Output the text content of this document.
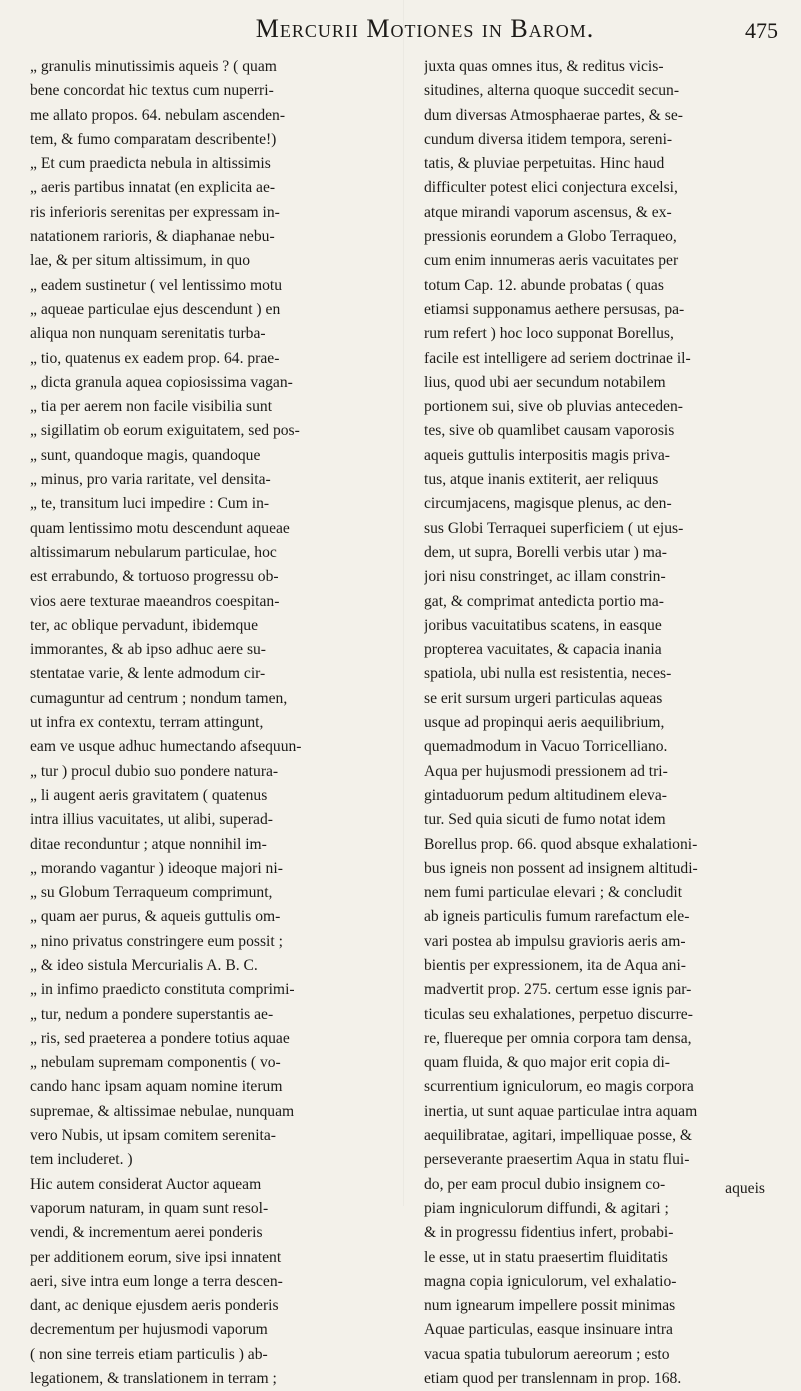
Mercurii Motiones in Barom.	475
„ granulis minutissimis aqueis ? ( quam
bene concordat hic textus cum nuperri-
me allato propos. 64. nebulam ascenden-
tem, & fumo comparatam describente!)
„ Et cum praedicta nebula in altissimis
„ aeris partibus innatat (en explicita ae-
ris inferioris serenitas per expressam in-
natationem rarioris, & diaphanae nebu-
lae, & per situm altissimum, in quo
„ eadem sustinetur ( vel lentissimo motu
„ aqueae particulae ejus descendunt ) en
aliqua non nunquam serenitatis turba-
„ tio, quatenus ex eadem prop. 64. prae-
„ dicta granula aquea copiosissima vagan-
„ tia per aerem non facile visibilia sunt
„ sigillatim ob eorum exiguitatem, sed pos-
„ sunt, quandoque magis, quandoque
„ minus, pro varia raritate, vel densita-
„ te, transitum luci impedire : Cum in-
quam lentissimo motu descendunt aqueae
altissimarum nebularum particulae, hoc
est errabundo, & tortuoso progressu ob-
vios aere texturae maeandros coespitan-
ter, ac oblique pervadunt, ibidemque
immorantes, & ab ipso adhuc aere su-
stentatae varie, & lente admodum cir-
cumaguntur ad centrum ; nondum tamen,
ut infra ex contextu, terram attingunt,
eam ve usque adhuc humectando afsequun-
„ tur ) procul dubio suo pondere natura-
„ li augent aeris gravitatem ( quatenus
intra illius vacuitates, ut alibi, superad-
ditae reconduntur ; atque nonnihil im-
„ morando vagantur ) ideoque majori ni-
„ su Globum Terraqueum comprimunt,
„ quam aer purus, & aqueis guttulis om-
„ nino privatus constringere eum possit ;
„ & ideo sistula Mercurialis A. B. C.
„ in infimo praedicto constituta comprimi-
„ tur, nedum a pondere superstantis ae-
„ ris, sed praeterea a pondere totius aquae
„ nebulam supremam componentis ( vo-
cando hanc ipsam aquam nomine iterum
supremae, & altissimae nebulae, nunquam
vero Nubis, ut ipsam comitem serenita-
tem includeret. )
Hic autem considerat Auctor aqueam
vaporum naturam, in quam sunt resol-
vendi, & incrementum aerei ponderis
per additionem eorum, sive ipsi innatent
aeri, sive intra eum longe a terra descen-
dant, ac denique ejusdem aeris ponderis
decrementum per hujusmodi vaporum
( non sine terreis etiam particulis ) ab-
legationem, & translationem in terram ;
juxta quas omnes itus, & reditus vicis-
situdines, alterna quoque succedit secun-
dum diversas Atmosphaerae partes, & se-
cundum diversa itidem tempora, sereni-
tatis, & pluviae perpetuitas. Hinc haud
difficulter potest elici conjectura excelsi,
atque mirandi vaporum ascensus, & ex-
pressionis eorundem a Globo Terraqueo,
cum enim innumeras aeris vacuitates per
totum Cap. 12. abunde probatas ( quas
etiamsi supponamus aethere persusas, pa-
rum refert ) hoc loco supponat Borellus,
facile est intelligere ad seriem doctrinae il-
lius, quod ubi aer secundum notabilem
portionem sui, sive ob pluvias anteceden-
tes, sive ob quamlibet causam vaporosis
aqueis guttulis interpositis magis priva-
tus, atque inanis extiterit, aer reliquus
circumjacens, magisque plenus, ac den-
sus Globi Terraquei superficiem ( ut ejus-
dem, ut supra, Borelli verbis utar ) ma-
jori nisu constringet, ac illam constrin-
gat, & comprimat antedicta portio ma-
joribus vacuitatibus scatens, in easque
propterea vacuitates, & capacia inania
spatiola, ubi nulla est resistentia, neces-
se erit sursum urgeri particulas aqueas
usque ad propinqui aeris aequilibrium,
quemadmodum in Vacuo Torricelliano.
Aqua per hujusmodi pressionem ad tri-
gintaduorum pedum altitudinem eleva-
tur. Sed quia sicuti de fumo notat idem
Borellus prop. 66. quod absque exhalationi-
bus igneis non possent ad insignem altitudi-
nem fumi particulae elevari ; & concludit
ab igneis particulis fumum rarefactum ele-
vari postea ab impulsu gravioris aeris am-
bientis per expressionem, ita de Aqua ani-
madvertit prop. 275. certum esse ignis par-
ticulas seu exhalationes, perpetuo discurre-
re, fluereque per omnia corpora tam densa,
quam fluida, & quo major erit copia di-
scurrentium igniculorum, eo magis corpora
inertia, ut sunt aquae particulae intra aquam
aequilibratae, agitari, impelliquae posse, &
perseverante praesertim Aqua in statu flui-
do, per eam procul dubio insignem co-
piam ingniculorum diffundi, & agitari ;
& in progressu fidentius infert, probabi-
le esse, ut in statu praesertim fluiditatis
magna copia igniculorum, vel exhalatio-
num ignearum impellere possit minimas
Aquae particulas, easque insinuare intra
vacua spatia tubulorum aereorum ; esto
etiam quod per translennam in prop. 168.
aqueis
